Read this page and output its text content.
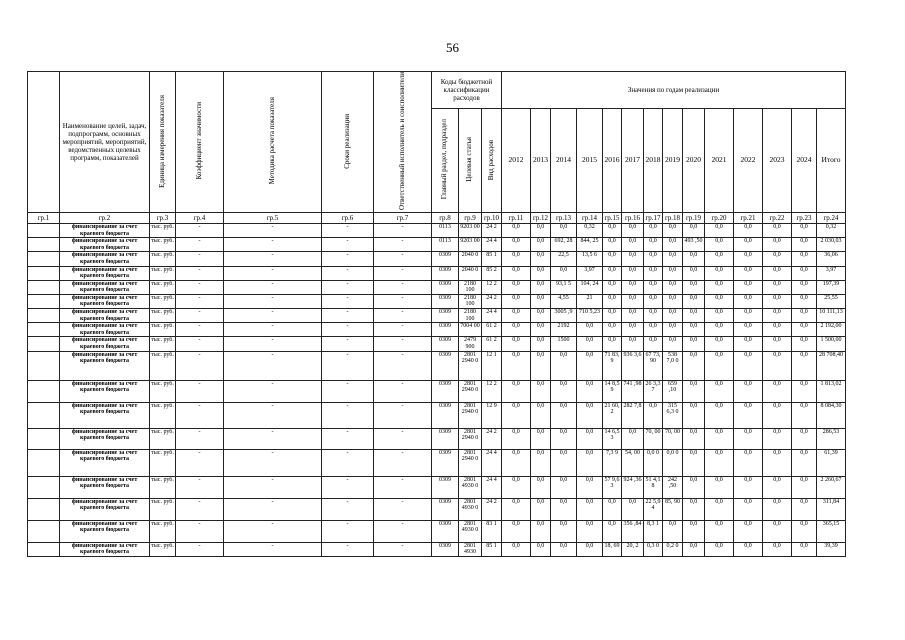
56
	Наименование целей, задач, подпрограмм, основных мероприятий, мероприятий, ведомственных целевых программ, показателей	Единица измерения показателя	Коэффициент значимости	Методика расчета показателя	Сроки реализации	Ответственный исполнитель и соисполнители	Коды бюджетной классификации расходов			Значения по годам реализации													
							Главный раздел, подраздел	Целевая статья	Вид расходов	2012	2013	2014	2015	2016	2017	2018	2019	2020	2021	2022	2023	2024	Итого
гр.1	гр.2	гр.3	гр.4	гр.5	гр.6	гр.7	гр.8	гр.9	гр.10	гр.11	гр.12	гр.13	гр.14	гр.15	гр.16	гр.17	гр.18	гр.19	гр.20	гр.21	гр.22	гр.23	гр.24
	финансирование за счет краевого бюджета	тыс. руб.	-	-	-	-	0113	9203 00	24 2	0,0	0,0	0,0	0,32	0,0	0,0	0,0	0,0	0,0	0,0	0,0	0,0	0,0	0,32
	финансирование за счет краевого бюджета	тыс. руб.	-	-	-	-	0113	9203 00	24 4	0,0	0,0	692, 28	844, 25	0,0	0,0	0,0	0,0	493 ,50	0,0	0,0	0,0	0,0	2 030,03
	финансирование за счет краевого бюджета	тыс. руб.	-	-	-	-	0309	2040 0	85 1	0,0	0,0	22,5	13,5 6	0,0	0,0	0,0	0,0	0,0	0,0	0,0	0,0	0,0	36,06
	финансирование за счет краевого бюджета	тыс. руб.	-	-	-	-	0309	2040 0	85 2	0,0	0,0	0,0	3,97	0,0	0,0	0,0	0,0	0,0	0,0	0,0	0,0	0,0	3,97
	финансирование за счет краевого бюджета	тыс. руб.	-	-	-	-	0309	2180 100	12 2	0,0	0,0	93,1 5	104, 24	0,0	0,0	0,0	0,0	0,0	0,0	0,0	0,0	0,0	197,39
	финансирование за счет краевого бюджета	тыс. руб.	-	-	-	-	0309	2180 100	24 2	0,0	0,0	4,55	21	0,0	0,0	0,0	0,0	0,0	0,0	0,0	0,0	0,0	25,55
	финансирование за счет краевого бюджета	тыс. руб.	-	-	-	-	0309	2180 100	24 4	0,0	0,0	3005 ,9	710 5,23	0,0	0,0	0,0	0,0	0,0	0,0	0,0	0,0	0,0	10 111,13
	финансирование за счет краевого бюджета	тыс. руб.	-	-	-	-	0309	7004 00	61 2	0,0	0,0	2192	0,0	0,0	0,0	0,0	0,0	0,0	0,0	0,0	0,0	0,0	2 192,00
	финансирование за счет краевого бюджета	тыс. руб.	-	-	-	-	0309	2479 900	61 2	0,0	0,0	1500	0,0	0,0	0,0	0,0	0,0	0,0	0,0	0,0	0,0	0,0	1 500,00
	финансирование за счет краевого бюджета	тыс. руб.	-	-	-	-	0309	2801 2940 0	12 1	0,0	0,0	0,0	0,0	71 83, 9	936 3,6	67 73, 90	538 7,0 0	0,0	0,0	0,0	0,0	0,0	28 708,40
	финансирование за счет краевого бюджета	тыс. руб.	-	-	-	-	0309	2801 2940 0	12 2	0,0	0,0	0,0	0,0	14 8,5 9	741 ,98	26 3,3 7	659 ,10	0,0	0,0	0,0	0,0	0,0	1 813,02
	финансирование за счет краевого бюджета	тыс. руб.	-	-	-	-	0309	2801 2940 0	12 9	0,0	0,0	0,0	0,0	21 60, 2	282 7,8	0,0	315 6,3 0	0,0	0,0	0,0	0,0	0,0	8 084,30
	финансирование за счет краевого бюджета	тыс. руб.	-	-	-	-	0309	2801 2940 0	24 2	0,0	0,0	0,0	0,0	14 6,5 3	0,0	70, 00	70, 00	0,0	0,0	0,0	0,0	0,0	286,53
	финансирование за счет краевого бюджета	тыс. руб.	-	-	-	-	0309	2801 2940 0	24 4	0,0	0,0	0,0	0,0	7,3 9	54, 00	0,0 0	0,0 0	0,0	0,0	0,0	0,0	0,0	61,39
	финансирование за счет краевого бюджета	тыс. руб.	-	-	-	-	0309	2801 4930 0	24 4	0,0	0,0	0,0	0,0	57 9,6 3	924 ,36	51 4,1 8	242 ,50	0,0	0,0	0,0	0,0	0,0	2 260,67
	финансирование за счет краевого бюджета	тыс. руб.	-	-	-	-	0309	2801 4930 0	24 2	0,0	0,0	0,0	0,0	0,0	0,0	22 5,9 4	85, 90	0,0	0,0	0,0	0,0	0,0	311,84
	финансирование за счет краевого бюджета	тыс. руб.	-	-	-	-	0309	2801 4930 0	83 1	0,0	0,0	0,0	0,0	0,0	356 ,84	8,3 1	0,0	0,0	0,0	0,0	0,0	0,0	365,15
	финансирование за счет краевого бюджета	тыс. руб.	-	-	-	-	0309	2801 4930	85 1	0,0	0,0	0,0	0,0	18, 69	20, 2	0,3 0	0,2 0	0,0	0,0	0,0	0,0	0,0	39,39
